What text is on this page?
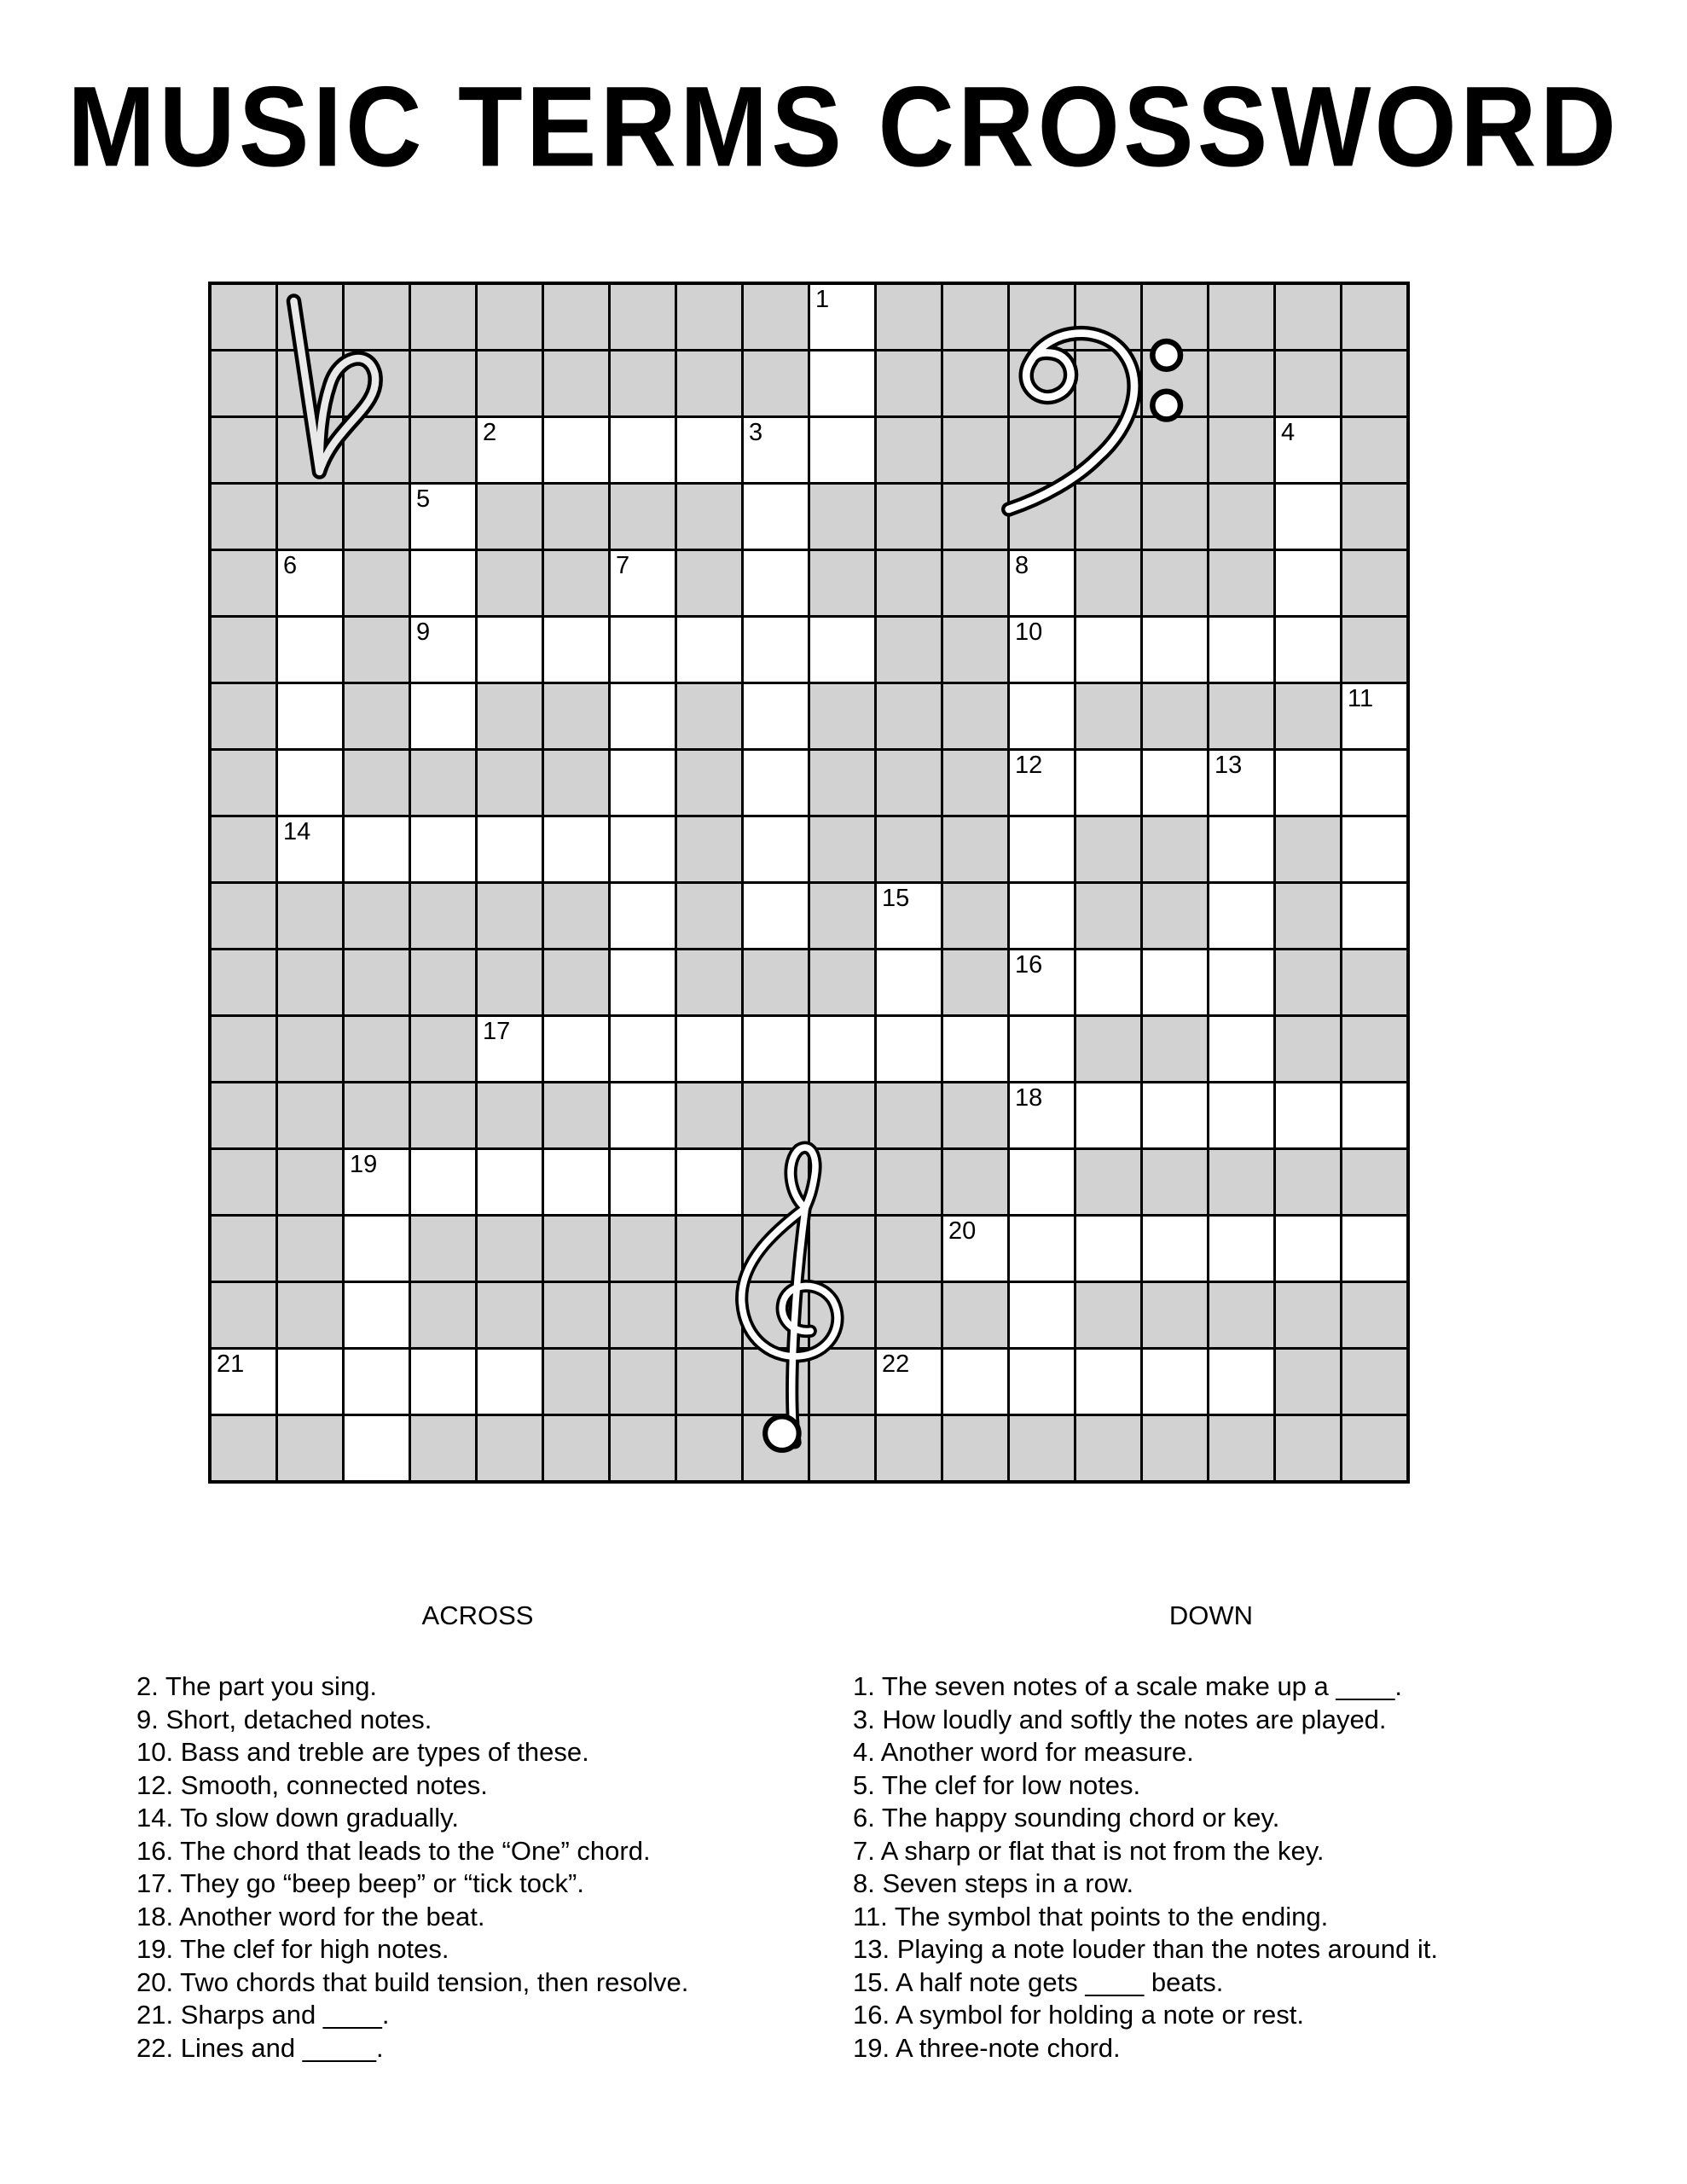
MUSIC TERMS CROSSWORD
1
2	3	4
5
6	7	8
9	10
11
12	13
14
15
16
17
18
19
20
21	22
ACROSS
2. The part you sing.
9. Short, detached notes.
10. Bass and treble are types of these.
12. Smooth, connected notes.
14. To slow down gradually.
16. The chord that leads to the “One” chord.
17. They go “beep beep” or “tick tock”.
18. Another word for the beat.
19. The clef for high notes.
20. Two chords that build tension, then resolve.
21. Sharps and ____.
22. Lines and _____.
DOWN
1. The seven notes of a scale make up a ____.
3. How loudly and softly the notes are played.
4. Another word for measure.
5. The clef for low notes.
6. The happy sounding chord or key.
7. A sharp or flat that is not from the key.
8. Seven steps in a row.
11. The symbol that points to the ending.
13. Playing a note louder than the notes around it.
15. A half note gets ____ beats.
16. A symbol for holding a note or rest.
19. A three-note chord.
